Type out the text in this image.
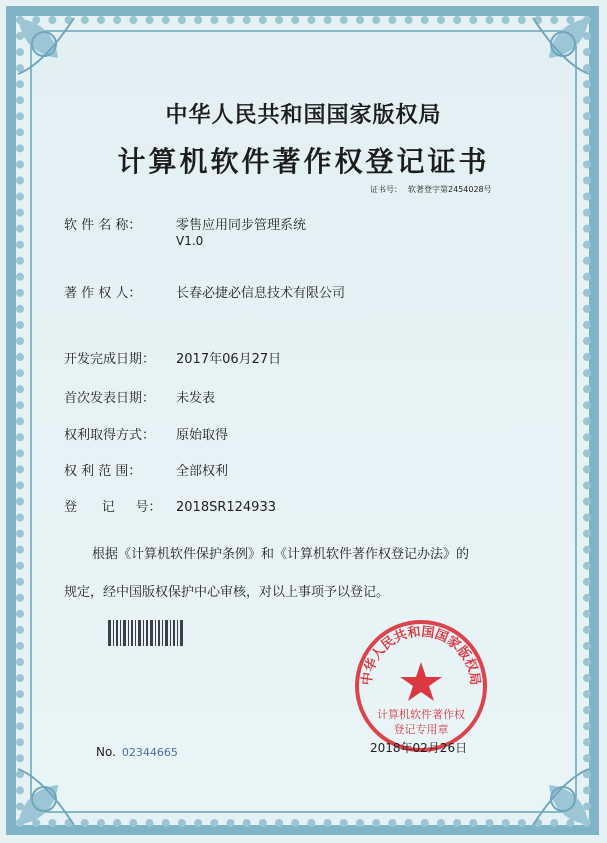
中华人民共和国国家版权局
计算机软件著作权登记证书
证书号： 软著登字第2454028号
软 件 名 称：	零售应用同步管理系统
V1.0
著 作 权 人：	长春必捷必信息技术有限公司
开发完成日期： 2017年06月27日
首次发表日期： 未发表
权利取得方式： 原始取得
权 利 范 围：	全部权利
登      记     号： 2018SR124933
根据《计算机软件保护条例》和《计算机软件著作权登记办法》的
规定，经中国版权保护中心审核，对以上事项予以登记。
中华人民共和国国家版权局
计算机软件著作权
登记专用章
No. 02344665	2018年02月26日
